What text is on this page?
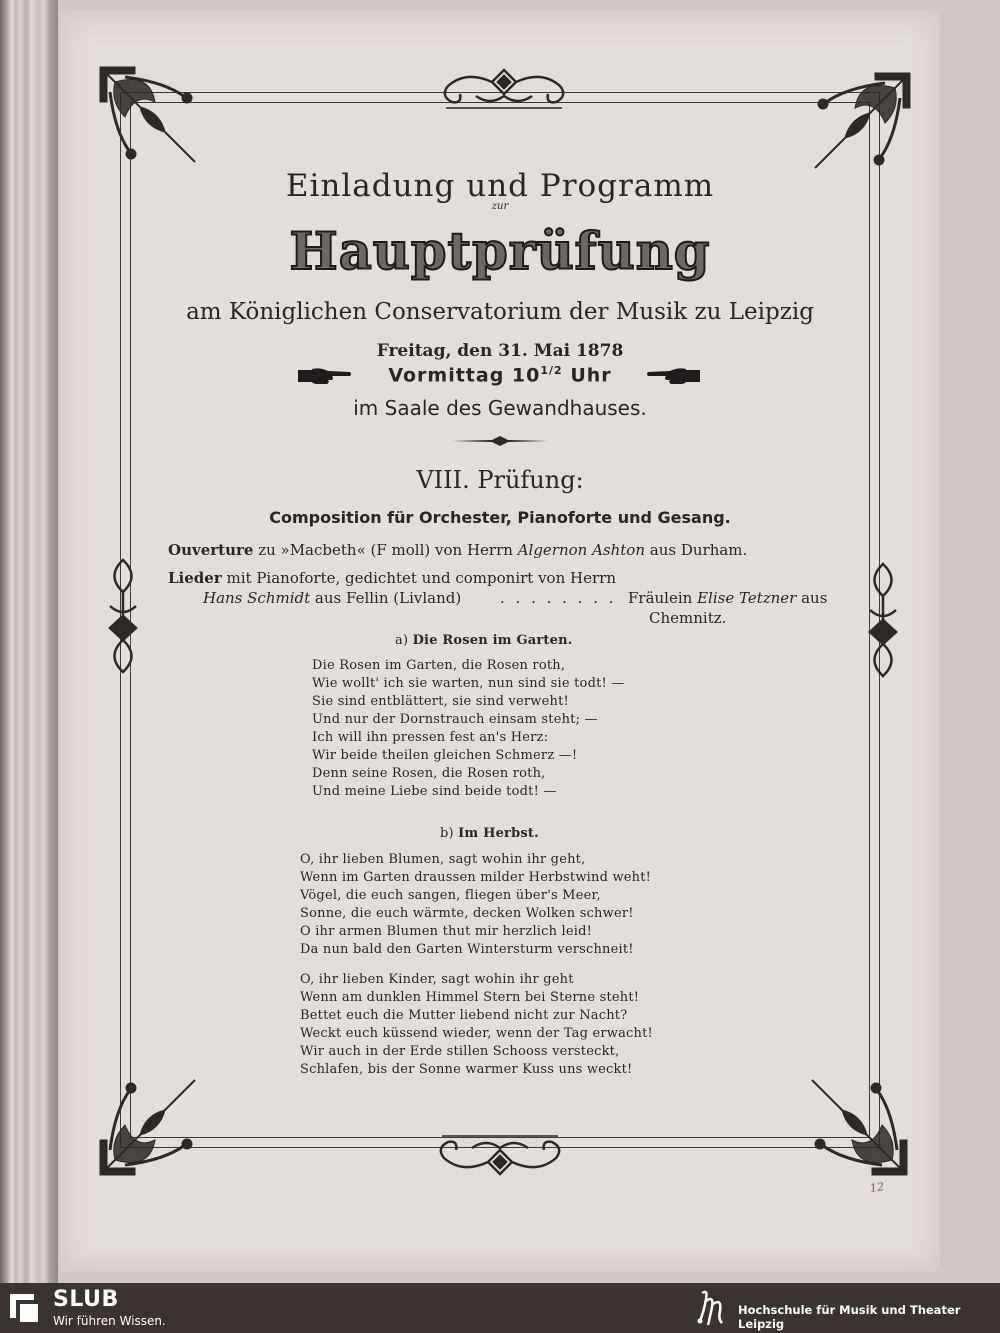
Einladung und Programm
zur
Hauptprüfung
am Königlichen Conservatorium der Musik zu Leipzig
Freitag, den 31. Mai 1878
Vormittag $10^{1/2}$ Uhr
im Saale des Gewandhauses.
VIII. Prüfung:
Composition für Orchester, Pianoforte und Gesang.
Ouverture zu »Macbeth« (F moll) von Herrn Algernon Ashton aus Durham.
Lieder mit Pianoforte, gedichtet und componirt von Herrn
Hans Schmidt aus Fellin (Livland)	. . . . . . . . Fräulein Elise Tetzner aus
Chemnitz.
a) Die Rosen im Garten.
Die Rosen im Garten, die Rosen roth,
Wie wollt' ich sie warten, nun sind sie todt! —
Sie sind entblättert, sie sind verweht!
Und nur der Dornstrauch einsam steht; —
Ich will ihn pressen fest an's Herz:
Wir beide theilen gleichen Schmerz —!
Denn seine Rosen, die Rosen roth,
Und meine Liebe sind beide todt! —
b) Im Herbst.
O, ihr lieben Blumen, sagt wohin ihr geht,
Wenn im Garten draussen milder Herbstwind weht!
Vögel, die euch sangen, fliegen über's Meer,
Sonne, die euch wärmte, decken Wolken schwer!
O ihr armen Blumen thut mir herzlich leid!
Da nun bald den Garten Wintersturm verschneit!
O, ihr lieben Kinder, sagt wohin ihr geht
Wenn am dunklen Himmel Stern bei Sterne steht!
Bettet euch die Mutter liebend nicht zur Nacht?
Weckt euch küssend wieder, wenn der Tag erwacht!
Wir auch in der Erde stillen Schooss versteckt,
Schlafen, bis der Sonne warmer Kuss uns weckt!
12
SLUB
Wir führen Wissen.
Hochschule für Musik und Theater Leipzig
